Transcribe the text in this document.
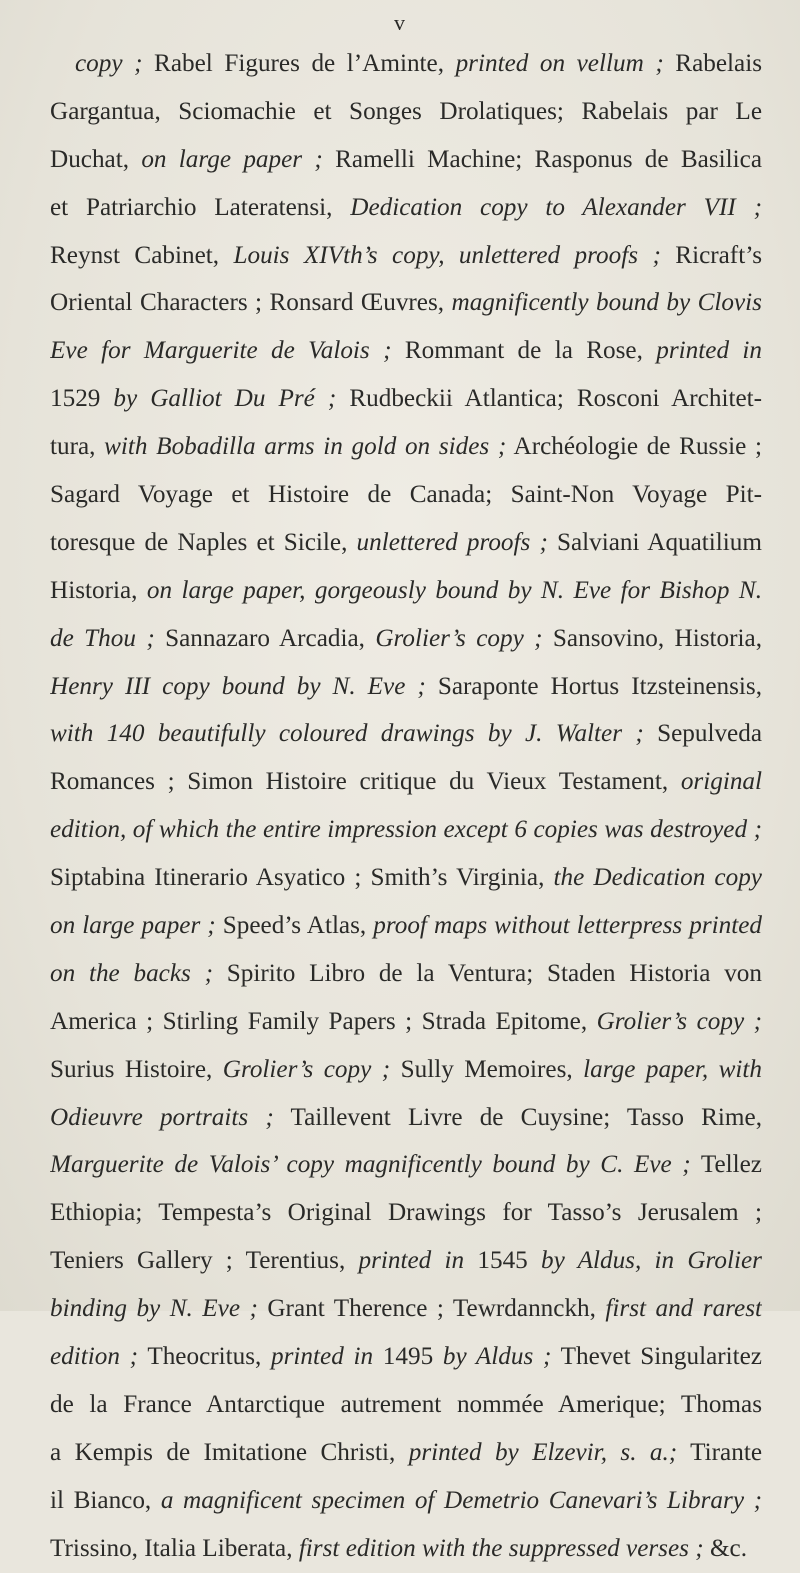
v
copy ; Rabel Figures de l’Aminte, printed on vellum ; Rabelais
Gargantua, Sciomachie et Songes Drolatiques; Rabelais par Le
Duchat, on large paper ; Ramelli Machine; Rasponus de Basilica
et Patriarchio Lateratensi, Dedication copy to Alexander VII ;
Reynst Cabinet, Louis XIVth’s copy, unlettered proofs ; Ricraft’s
Oriental Characters ; Ronsard Œuvres, magnificently bound by Clovis
Eve for Marguerite de Valois ; Rommant de la Rose, printed in
1529 by Galliot Du Pré ; Rudbeckii Atlantica; Rosconi Architet-
tura, with Bobadilla arms in gold on sides ; Archéologie de Russie ;
Sagard Voyage et Histoire de Canada; Saint-Non Voyage Pit-
toresque de Naples et Sicile, unlettered proofs ; Salviani Aquatilium
Historia, on large paper, gorgeously bound by N. Eve for Bishop N.
de Thou ; Sannazaro Arcadia, Grolier’s copy ; Sansovino, Historia,
Henry III copy bound by N. Eve ; Saraponte Hortus Itzsteinensis,
with 140 beautifully coloured drawings by J. Walter ; Sepulveda
Romances ; Simon Histoire critique du Vieux Testament, original
edition, of which the entire impression except 6 copies was destroyed ;
Siptabina Itinerario Asyatico ; Smith’s Virginia, the Dedication copy
on large paper ; Speed’s Atlas, proof maps without letterpress printed
on the backs ; Spirito Libro de la Ventura; Staden Historia von
America ; Stirling Family Papers ; Strada Epitome, Grolier’s copy ;
Surius Histoire, Grolier’s copy ; Sully Memoires, large paper, with
Odieuvre portraits ; Taillevent Livre de Cuysine; Tasso Rime,
Marguerite de Valois’ copy magnificently bound by C. Eve ; Tellez
Ethiopia; Tempesta’s Original Drawings for Tasso’s Jerusalem ;
Teniers Gallery ; Terentius, printed in 1545 by Aldus, in Grolier
binding by N. Eve ; Grant Therence ; Tewrdannckh, first and rarest
edition ; Theocritus, printed in 1495 by Aldus ; Thevet Singularitez
de la France Antarctique autrement nommée Amerique; Thomas
a Kempis de Imitatione Christi, printed by Elzevir, s. a.; Tirante
il Bianco, a magnificent specimen of Demetrio Canevari’s Library ;
Trissino, Italia Liberata, first edition with the suppressed verses ; &c.
